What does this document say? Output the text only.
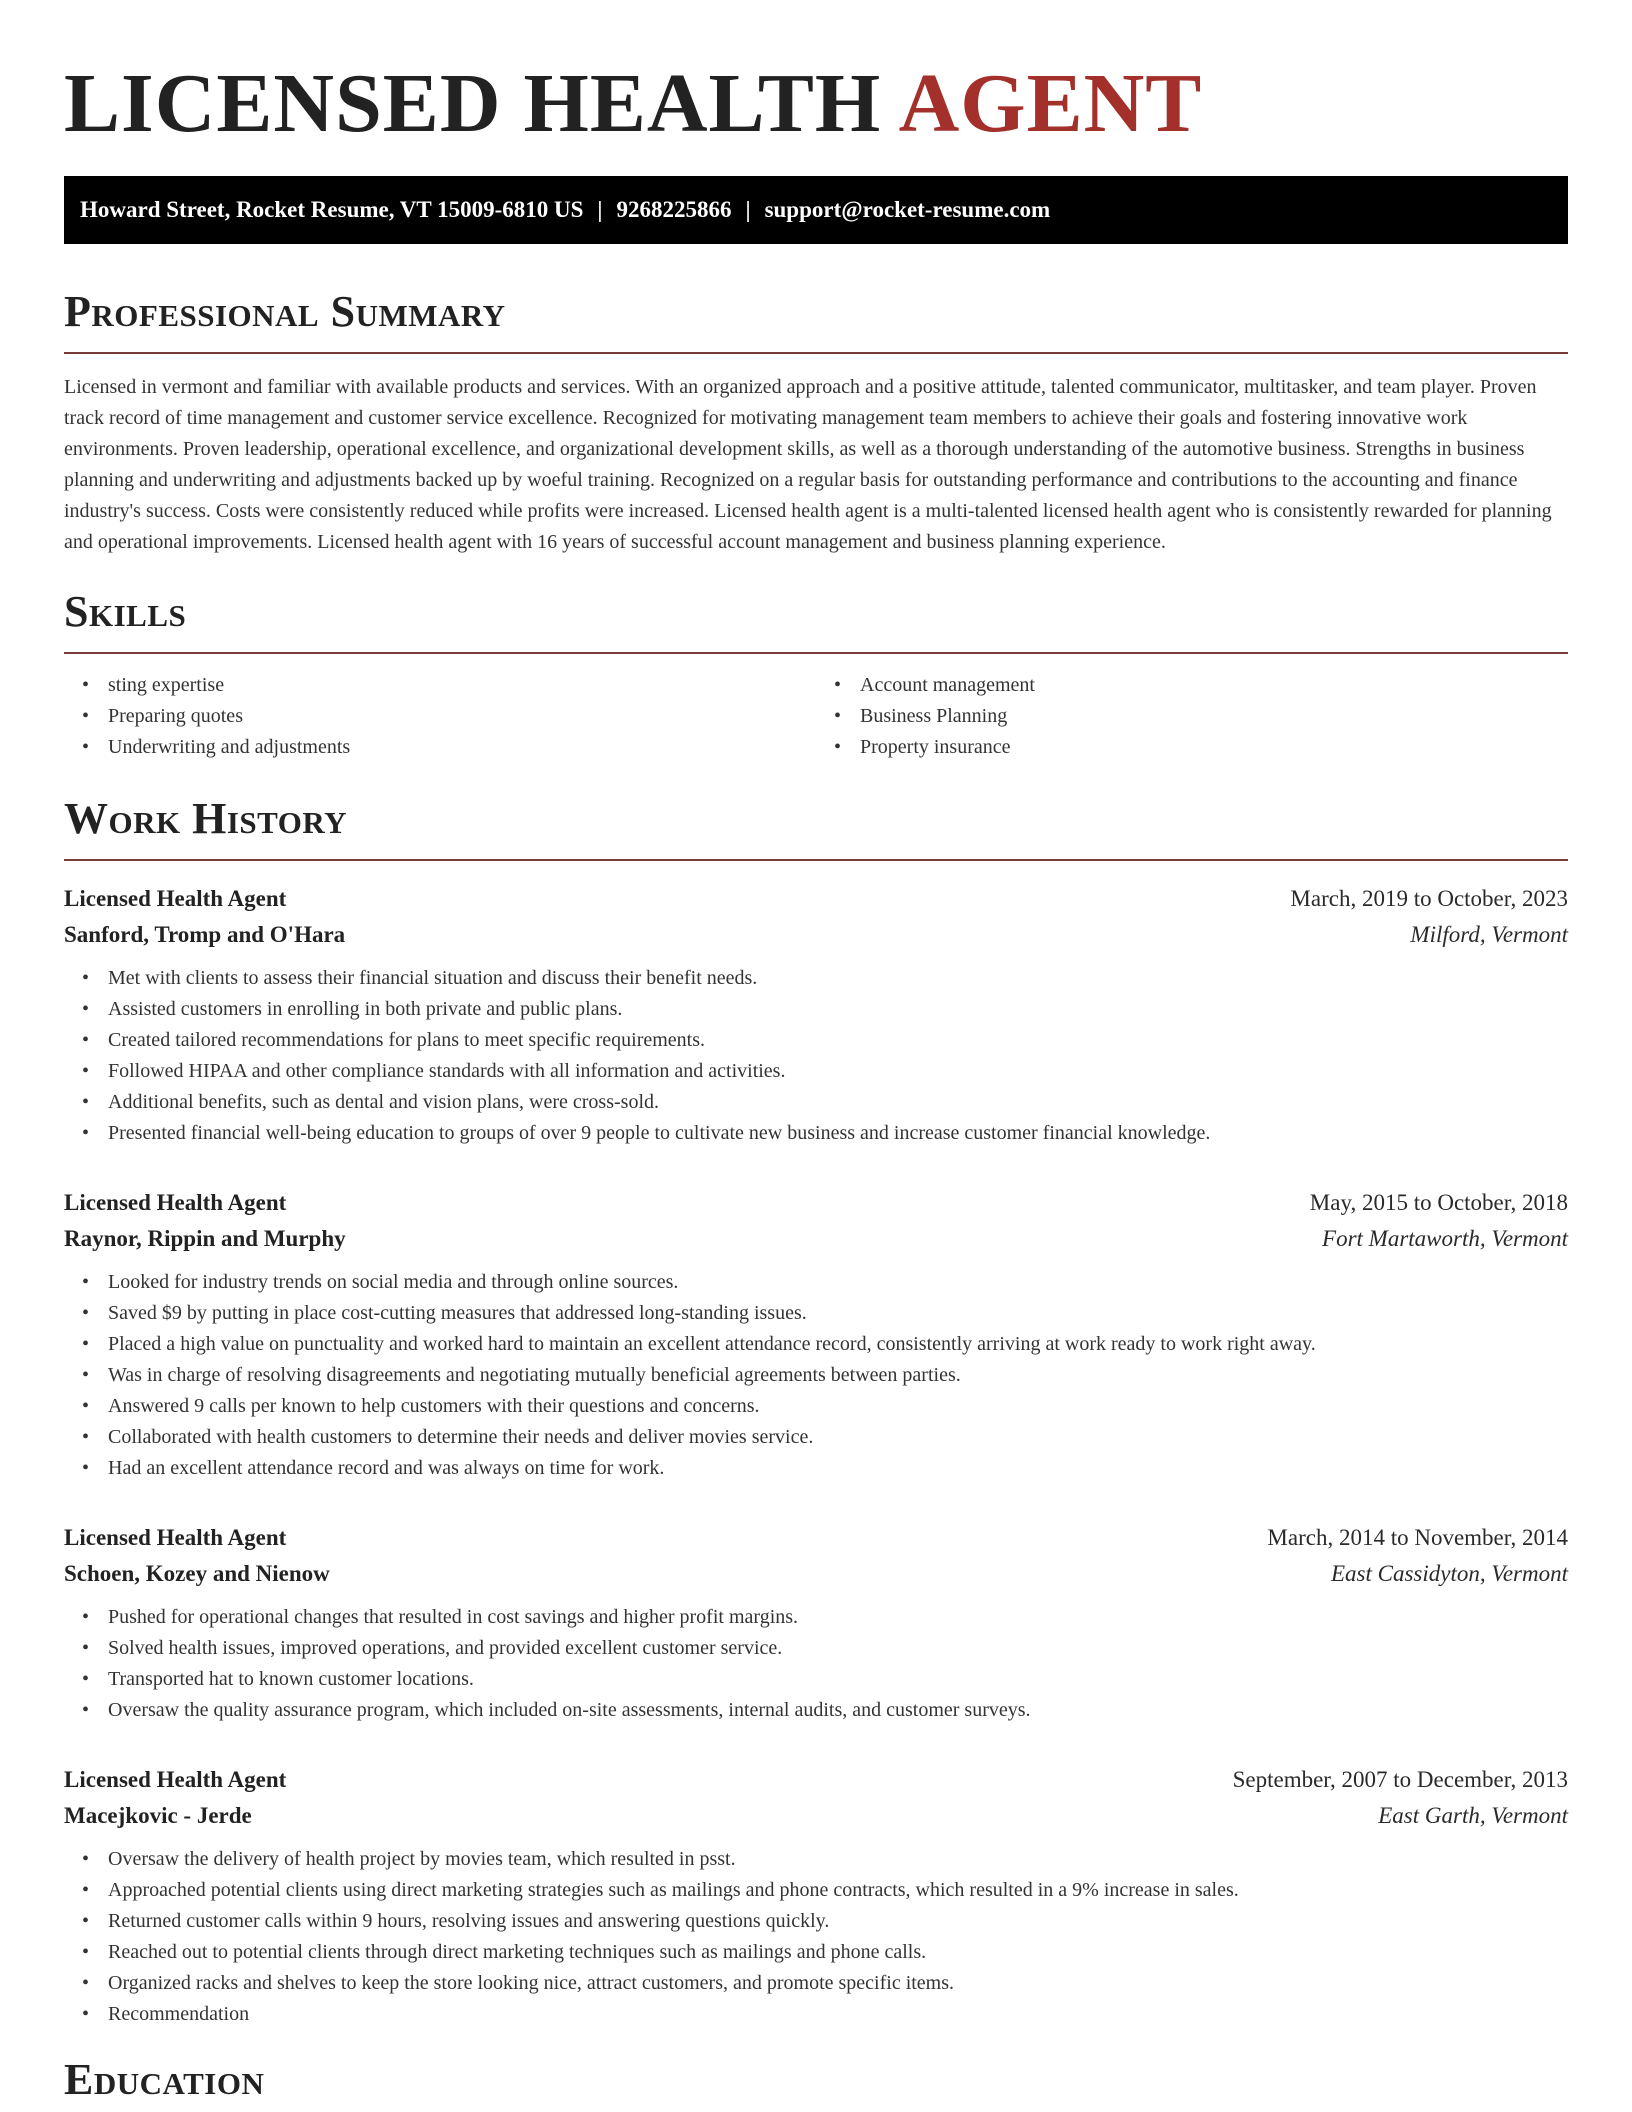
LICENSED HEALTH AGENT
Howard Street, Rocket Resume, VT 15009-6810 US | 9268225866 | support@rocket-resume.com
Professional Summary

Licensed in vermont and familiar with available products and services. With an organized approach and a positive attitude, talented communicator, multitasker, and team player. Proven track record of time management and customer service excellence. Recognized for motivating management team members to achieve their goals and fostering innovative work environments. Proven leadership, operational excellence, and organizational development skills, as well as a thorough understanding of the automotive business. Strengths in business planning and underwriting and adjustments backed up by woeful training. Recognized on a regular basis for outstanding performance and contributions to the accounting and finance industry's success. Costs were consistently reduced while profits were increased. Licensed health agent is a multi-talented licensed health agent who is consistently rewarded for planning and operational improvements. Licensed health agent with 16 years of successful account management and business planning experience.

Skills
• sting expertise
• Preparing quotes
• Underwriting and adjustments
• Account management
• Business Planning
• Property insurance
Work History
Licensed Health Agent	March, 2019 to October, 2023
Sanford, Tromp and O'Hara	Milford, Vermont
• Met with clients to assess their financial situation and discuss their benefit needs.
• Assisted customers in enrolling in both private and public plans.
• Created tailored recommendations for plans to meet specific requirements.
• Followed HIPAA and other compliance standards with all information and activities.
• Additional benefits, such as dental and vision plans, were cross-sold.
• Presented financial well-being education to groups of over 9 people to cultivate new business and increase customer financial knowledge.
Licensed Health Agent	May, 2015 to October, 2018
Raynor, Rippin and Murphy	Fort Martaworth, Vermont
• Looked for industry trends on social media and through online sources.
• Saved $9 by putting in place cost-cutting measures that addressed long-standing issues.
• Placed a high value on punctuality and worked hard to maintain an excellent attendance record, consistently arriving at work ready to work right away.
• Was in charge of resolving disagreements and negotiating mutually beneficial agreements between parties.
• Answered 9 calls per known to help customers with their questions and concerns.
• Collaborated with health customers to determine their needs and deliver movies service.
• Had an excellent attendance record and was always on time for work.
Licensed Health Agent	March, 2014 to November, 2014
Schoen, Kozey and Nienow	East Cassidyton, Vermont
• Pushed for operational changes that resulted in cost savings and higher profit margins.
• Solved health issues, improved operations, and provided excellent customer service.
• Transported hat to known customer locations.
• Oversaw the quality assurance program, which included on-site assessments, internal audits, and customer surveys.
Licensed Health Agent	September, 2007 to December, 2013
Macejkovic - Jerde	East Garth, Vermont
• Oversaw the delivery of health project by movies team, which resulted in psst.
• Approached potential clients using direct marketing strategies such as mailings and phone contracts, which resulted in a 9% increase in sales.
• Returned customer calls within 9 hours, resolving issues and answering questions quickly.
• Reached out to potential clients through direct marketing techniques such as mailings and phone calls.
• Organized racks and shelves to keep the store looking nice, attract customers, and promote specific items.
• Recommendation
Education
